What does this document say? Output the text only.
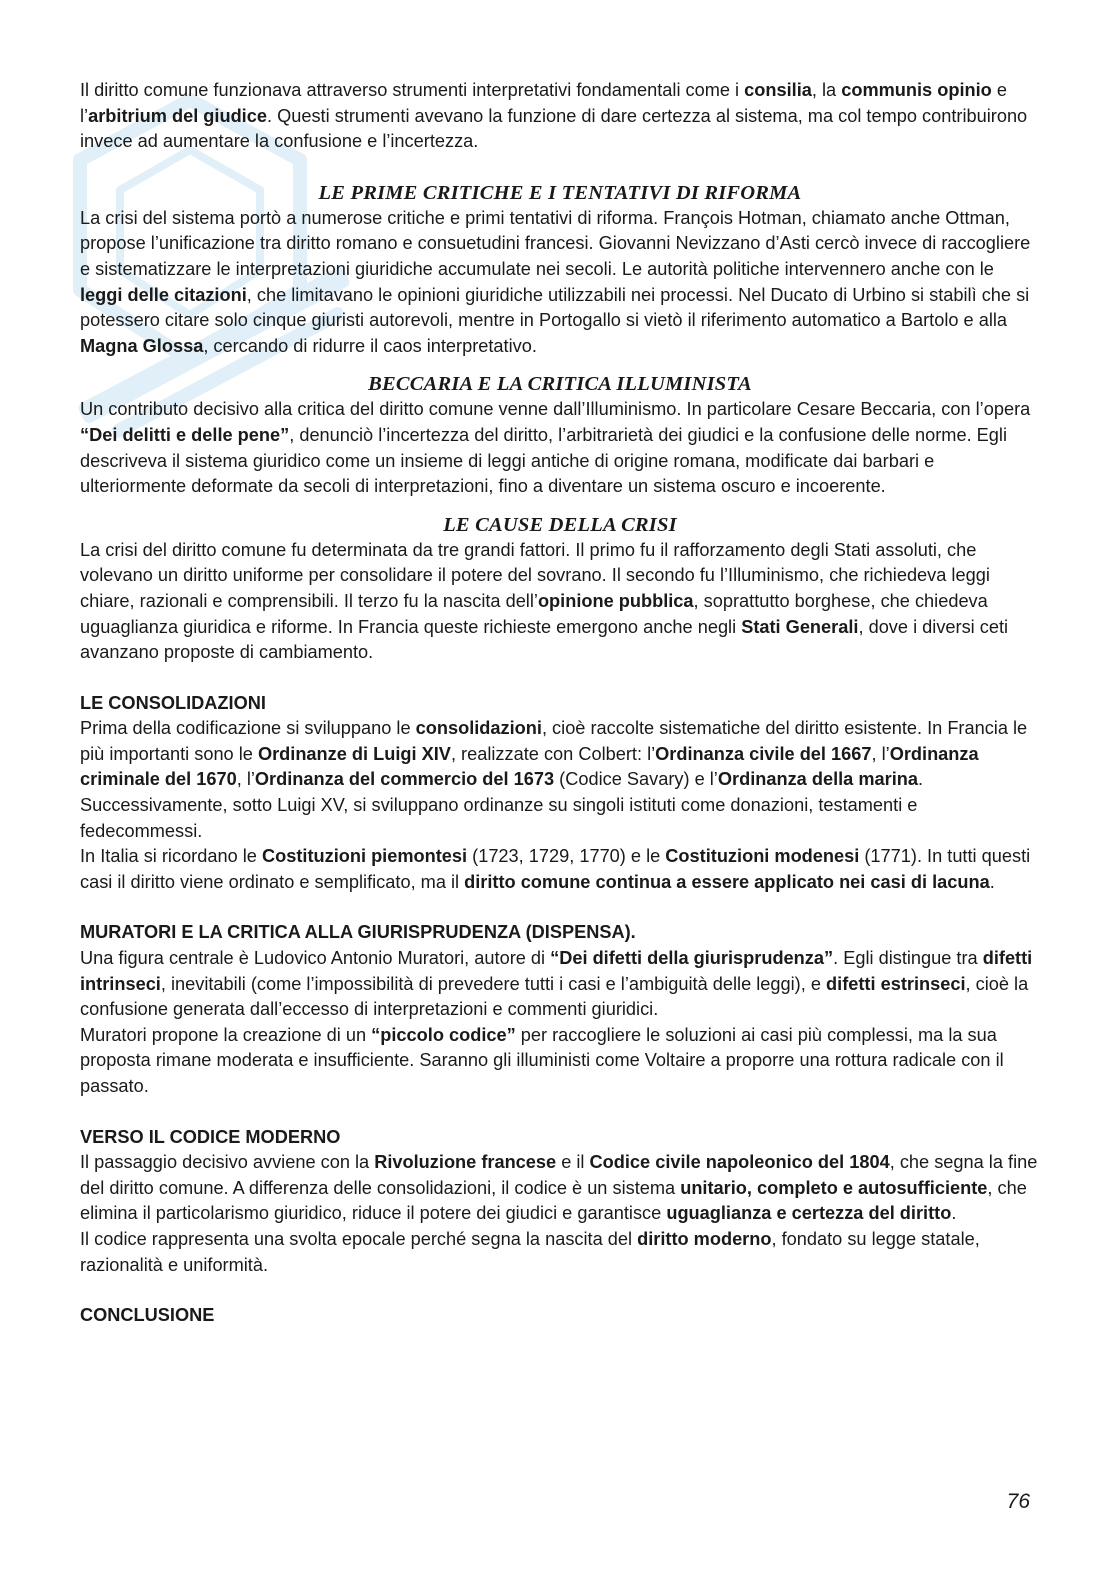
Il diritto comune funzionava attraverso strumenti interpretativi fondamentali come i consilia, la communis opinio e l’arbitrium del giudice. Questi strumenti avevano la funzione di dare certezza al sistema, ma col tempo contribuirono invece ad aumentare la confusione e l’incertezza.

LE PRIME CRITICHE E I TENTATIVI DI RIFORMA

La crisi del sistema portò a numerose critiche e primi tentativi di riforma. François Hotman, chiamato anche Ottman, propose l’unificazione tra diritto romano e consuetudini francesi. Giovanni Nevizzano d’Asti cercò invece di raccogliere e sistematizzare le interpretazioni giuridiche accumulate nei secoli. Le autorità politiche intervennero anche con le leggi delle citazioni, che limitavano le opinioni giuridiche utilizzabili nei processi. Nel Ducato di Urbino si stabilì che si potessero citare solo cinque giuristi autorevoli, mentre in Portogallo si vietò il riferimento automatico a Bartolo e alla Magna Glossa, cercando di ridurre il caos interpretativo.

BECCARIA E LA CRITICA ILLUMINISTA

Un contributo decisivo alla critica del diritto comune venne dall’Illuminismo. In particolare Cesare Beccaria, con l’opera “Dei delitti e delle pene”, denunciò l’incertezza del diritto, l’arbitrarietà dei giudici e la confusione delle norme. Egli descriveva il sistema giuridico come un insieme di leggi antiche di origine romana, modificate dai barbari e ulteriormente deformate da secoli di interpretazioni, fino a diventare un sistema oscuro e incoerente.

LE CAUSE DELLA CRISI

La crisi del diritto comune fu determinata da tre grandi fattori. Il primo fu il rafforzamento degli Stati assoluti, che volevano un diritto uniforme per consolidare il potere del sovrano. Il secondo fu l’Illuminismo, che richiedeva leggi chiare, razionali e comprensibili. Il terzo fu la nascita dell’opinione pubblica, soprattutto borghese, che chiedeva uguaglianza giuridica e riforme. In Francia queste richieste emergono anche negli Stati Generali, dove i diversi ceti avanzano proposte di cambiamento.

LE CONSOLIDAZIONI

Prima della codificazione si sviluppano le consolidazioni, cioè raccolte sistematiche del diritto esistente. In Francia le più importanti sono le Ordinanze di Luigi XIV, realizzate con Colbert: l’Ordinanza civile del 1667, l’Ordinanza criminale del 1670, l’Ordinanza del commercio del 1673 (Codice Savary) e l’Ordinanza della marina. Successivamente, sotto Luigi XV, si sviluppano ordinanze su singoli istituti come donazioni, testamenti e fedecommessi.

In Italia si ricordano le Costituzioni piemontesi (1723, 1729, 1770) e le Costituzioni modenesi (1771). In tutti questi casi il diritto viene ordinato e semplificato, ma il diritto comune continua a essere applicato nei casi di lacuna.

MURATORI E LA CRITICA ALLA GIURISPRUDENZA (DISPENSA).

Una figura centrale è Ludovico Antonio Muratori, autore di “Dei difetti della giurisprudenza”. Egli distingue tra difetti intrinseci, inevitabili (come l’impossibilità di prevedere tutti i casi e l’ambiguità delle leggi), e difetti estrinseci, cioè la confusione generata dall’eccesso di interpretazioni e commenti giuridici.

Muratori propone la creazione di un “piccolo codice” per raccogliere le soluzioni ai casi più complessi, ma la sua proposta rimane moderata e insufficiente. Saranno gli illuministi come Voltaire a proporre una rottura radicale con il passato.

VERSO IL CODICE MODERNO

Il passaggio decisivo avviene con la Rivoluzione francese e il Codice civile napoleonico del 1804, che segna la fine del diritto comune. A differenza delle consolidazioni, il codice è un sistema unitario, completo e autosufficiente, che elimina il particolarismo giuridico, riduce il potere dei giudici e garantisce uguaglianza e certezza del diritto.

Il codice rappresenta una svolta epocale perché segna la nascita del diritto moderno, fondato su legge statale, razionalità e uniformità.

CONCLUSIONE
76
